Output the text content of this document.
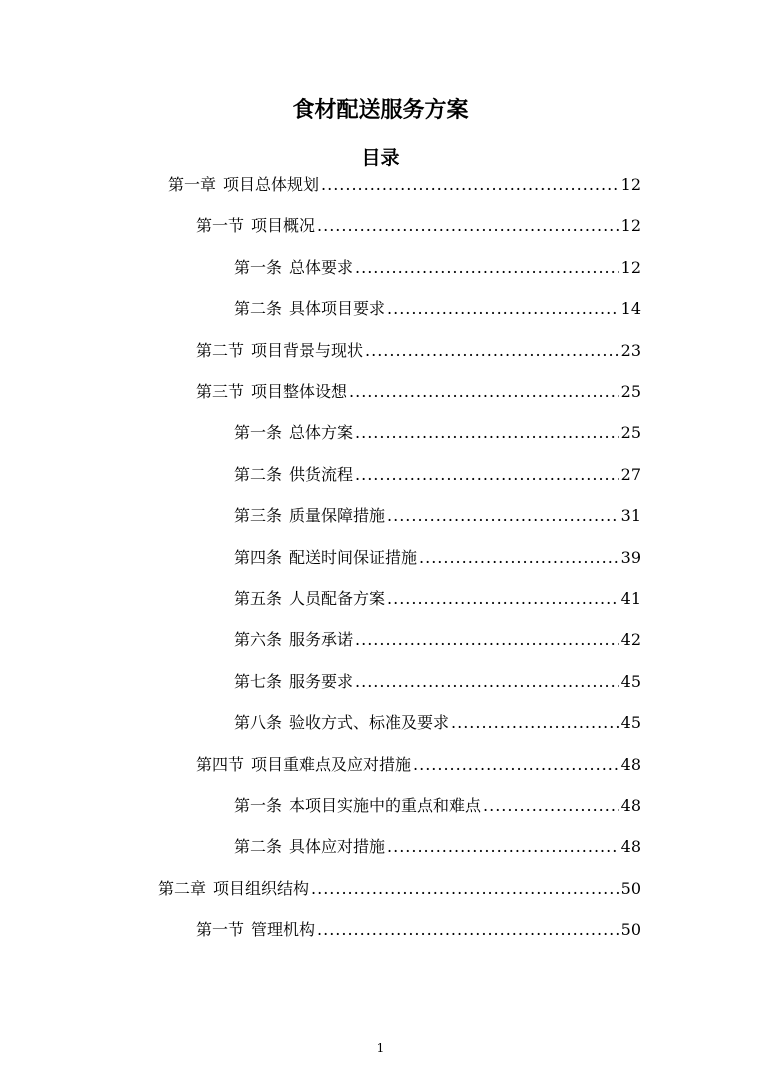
食材配送服务方案
目录
第一章 项目总体规划 .....	12
第一节 项目概况 .....	12
第一条 总体要求 .....	12
第二条 具体项目要求 .....	14
第二节 项目背景与现状 .....	23
第三节 项目整体设想 .....	25
第一条 总体方案 .....	25
第二条 供货流程 .....	27
第三条 质量保障措施 .....	31
第四条 配送时间保证措施 .....	39
第五条 人员配备方案 .....	41
第六条 服务承诺 .....	42
第七条 服务要求 .....	45
第八条 验收方式、标准及要求 .....	45
第四节 项目重难点及应对措施 .....	48
第一条 本项目实施中的重点和难点 .....	48
第二条 具体应对措施 .....	48
第二章 项目组织结构 .....	50
第一节 管理机构 .....	50
1
